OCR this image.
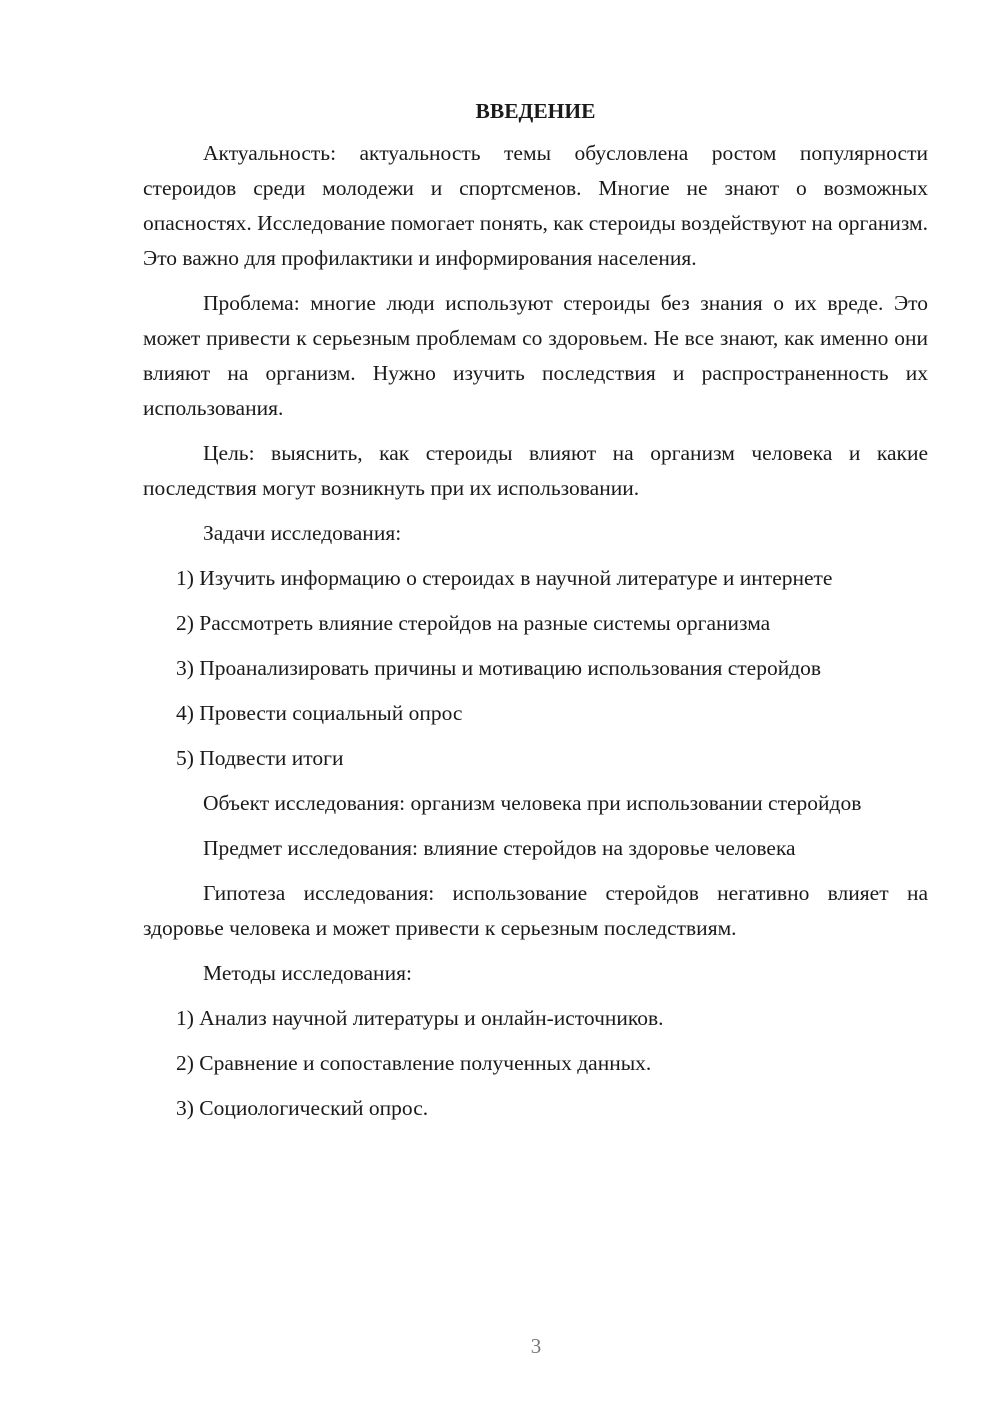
ВВЕДЕНИЕ

Актуальность: актуальность темы обусловлена ростом популярности стероидов среди молодежи и спортсменов. Многие не знают о возможных опасностях. Исследование помогает понять, как стероиды воздействуют на организм. Это важно для профилактики и информирования населения.

Проблема: многие люди используют стероиды без знания о их вреде. Это может привести к серьезным проблемам со здоровьем. Не все знают, как именно они влияют на организм. Нужно изучить последствия и распространенность их использования.

Цель: выяснить, как стероиды влияют на организм человека и какие последствия могут возникнуть при их использовании.

Задачи исследования:

1) Изучить информацию о стероидах в научной литературе и интернете

2) Рассмотреть влияние стеройдов на разные системы организма

3) Проанализировать причины и мотивацию использования стеройдов

4) Провести социальный опрос

5) Подвести итоги

Объект исследования: организм человека при использовании стеройдов

Предмет исследования: влияние стеройдов на здоровье человека

Гипотеза исследования: использование стеройдов негативно влияет на здоровье человека и может привести к серьезным последствиям.

Методы исследования:

1) Анализ научной литературы и онлайн-источников.

2) Сравнение и сопоставление полученных данных.

3) Социологический опрос.

3
